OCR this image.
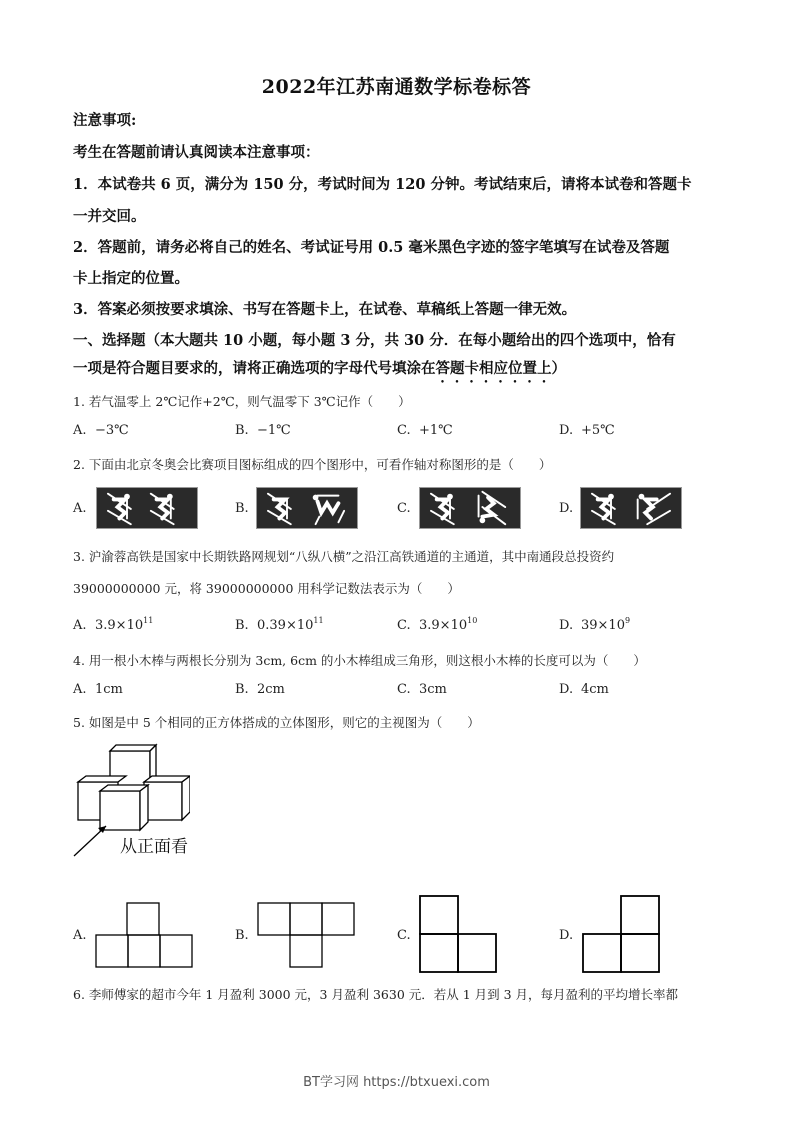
2022年江苏南通数学标卷标答
注意事项:
考生在答题前请认真阅读本注意事项：
1．本试卷共 6 页，满分为 150 分，考试时间为 120 分钟。考试结束后，请将本试卷和答题卡
一并交回。
2．答题前，请务必将自己的姓名、考试证号用 0.5 毫米黑色字迹的签字笔填写在试卷及答题
卡上指定的位置。
3．答案必须按要求填涂、书写在答题卡上，在试卷、草稿纸上答题一律无效。
一、选择题（本大题共 10 小题，每小题 3 分，共 30 分．在每小题给出的四个选项中，恰有
一项是符合题目要求的，请将正确选项的字母代号填涂在答题卡相应位置上）
1. 若气温零上 2℃记作+2℃，则气温零下 3℃记作（　　）
A. −3℃	B. −1℃	C. +1℃	D. +5℃
2. 下面由北京冬奥会比赛项目图标组成的四个图形中，可看作轴对称图形的是（　　）
A.	B.	C.	D.
3. 沪渝蓉高铁是国家中长期铁路网规划“八纵八横”之沿江高铁通道的主通道，其中南通段总投资约
39000000000 元，将 39000000000 用科学记数法表示为（　　）
A. $3.9\times 10^{11}$	B. $0.39\times 10^{11}$	C. $3.9\times 10^{10}$	D. $39\times 10^9$
4. 用一根小木棒与两根长分别为 3cm, 6cm 的小木棒组成三角形，则这根小木棒的长度可以为（　　）
A. 1cm	B. 2cm	C. 3cm	D. 4cm
5. 如图是中 5 个相同的正方体搭成的立体图形，则它的主视图为（　　）
从正面看
A.	B.	C.	D.
6. 李师傅家的超市今年 1 月盈利 3000 元，3 月盈利 3630 元．若从 1 月到 3 月，每月盈利的平均增长率都
BT学习网 https://btxuexi.com
